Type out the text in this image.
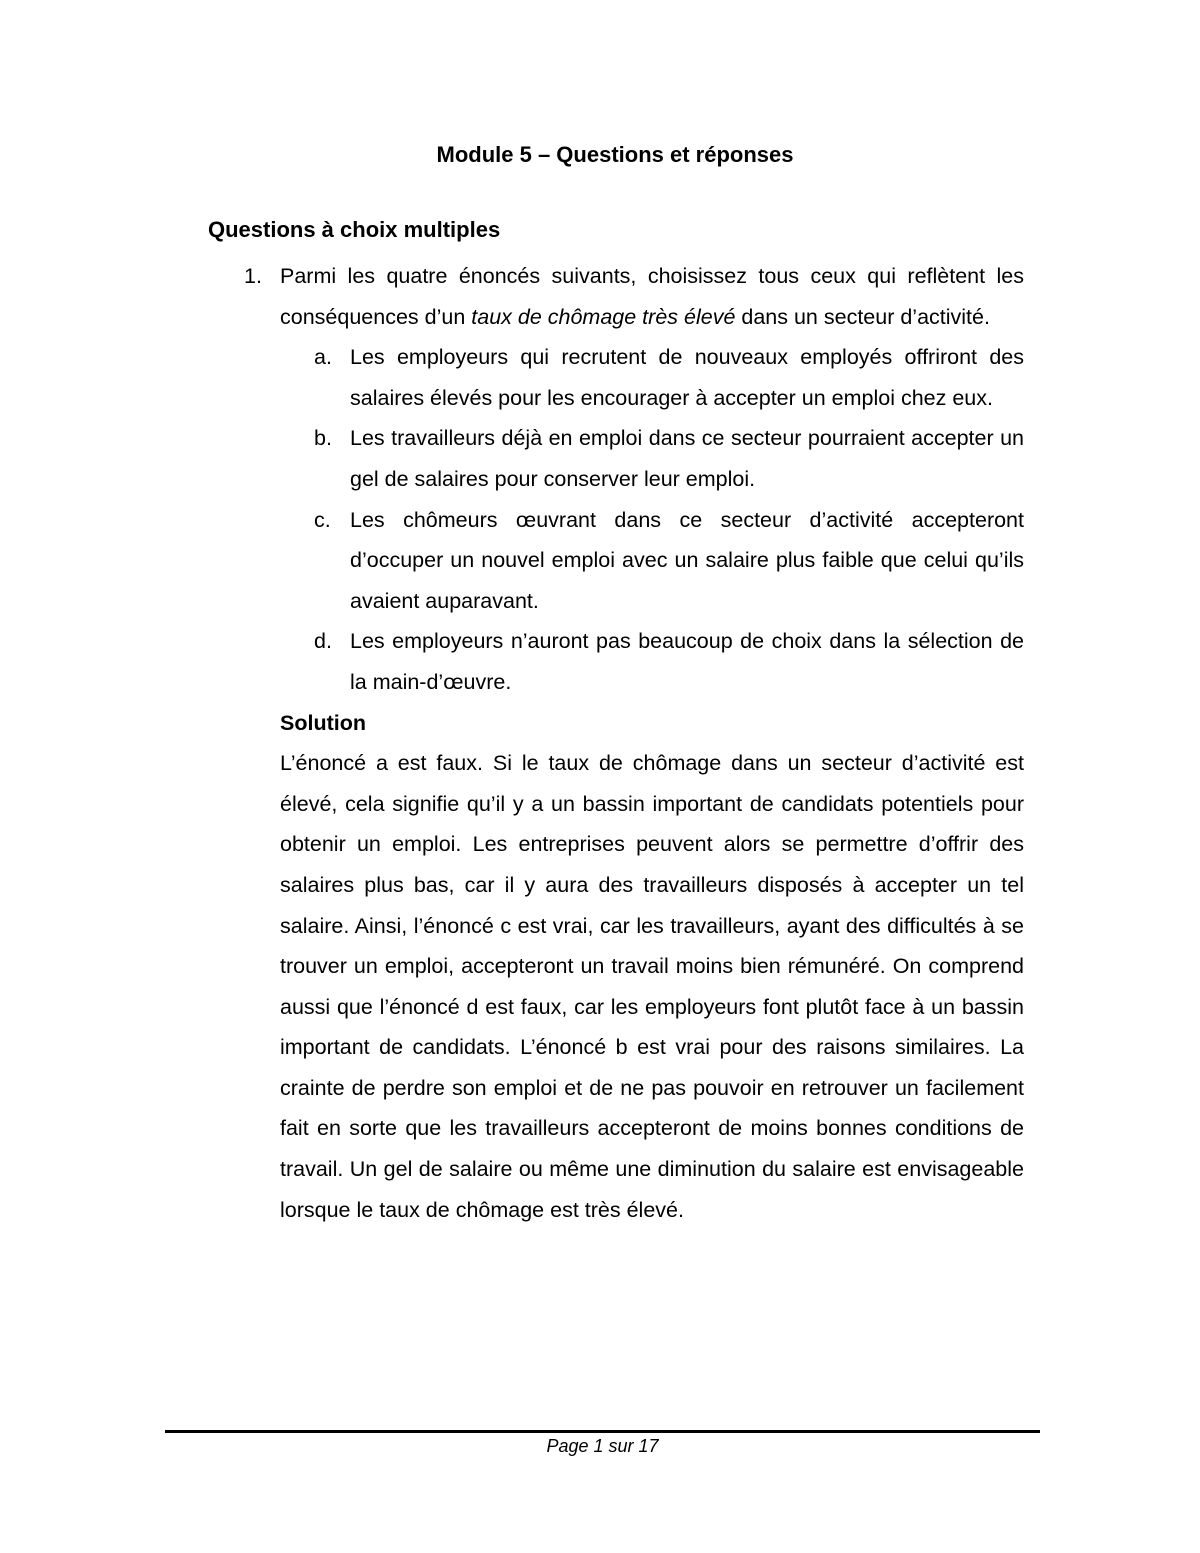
Module 5 – Questions et réponses
Questions à choix multiples
1. Parmi les quatre énoncés suivants, choisissez tous ceux qui reflètent les conséquences d’un taux de chômage très élevé dans un secteur d’activité.
a. Les employeurs qui recrutent de nouveaux employés offriront des salaires élevés pour les encourager à accepter un emploi chez eux.
b. Les travailleurs déjà en emploi dans ce secteur pourraient accepter un gel de salaires pour conserver leur emploi.
c. Les chômeurs œuvrant dans ce secteur d’activité accepteront d’occuper un nouvel emploi avec un salaire plus faible que celui qu’ils avaient auparavant.
d. Les employeurs n’auront pas beaucoup de choix dans la sélection de la main-d’œuvre.
Solution

L’énoncé a est faux. Si le taux de chômage dans un secteur d’activité est élevé, cela signifie qu’il y a un bassin important de candidats potentiels pour obtenir un emploi. Les entreprises peuvent alors se permettre d’offrir des salaires plus bas, car il y aura des travailleurs disposés à accepter un tel salaire. Ainsi, l’énoncé c est vrai, car les travailleurs, ayant des difficultés à se trouver un emploi, accepteront un travail moins bien rémunéré. On comprend aussi que l’énoncé d est faux, car les employeurs font plutôt face à un bassin important de candidats. L’énoncé b est vrai pour des raisons similaires. La crainte de perdre son emploi et de ne pas pouvoir en retrouver un facilement fait en sorte que les travailleurs accepteront de moins bonnes conditions de travail. Un gel de salaire ou même une diminution du salaire est envisageable lorsque le taux de chômage est très élevé.

Page 1 sur 17
